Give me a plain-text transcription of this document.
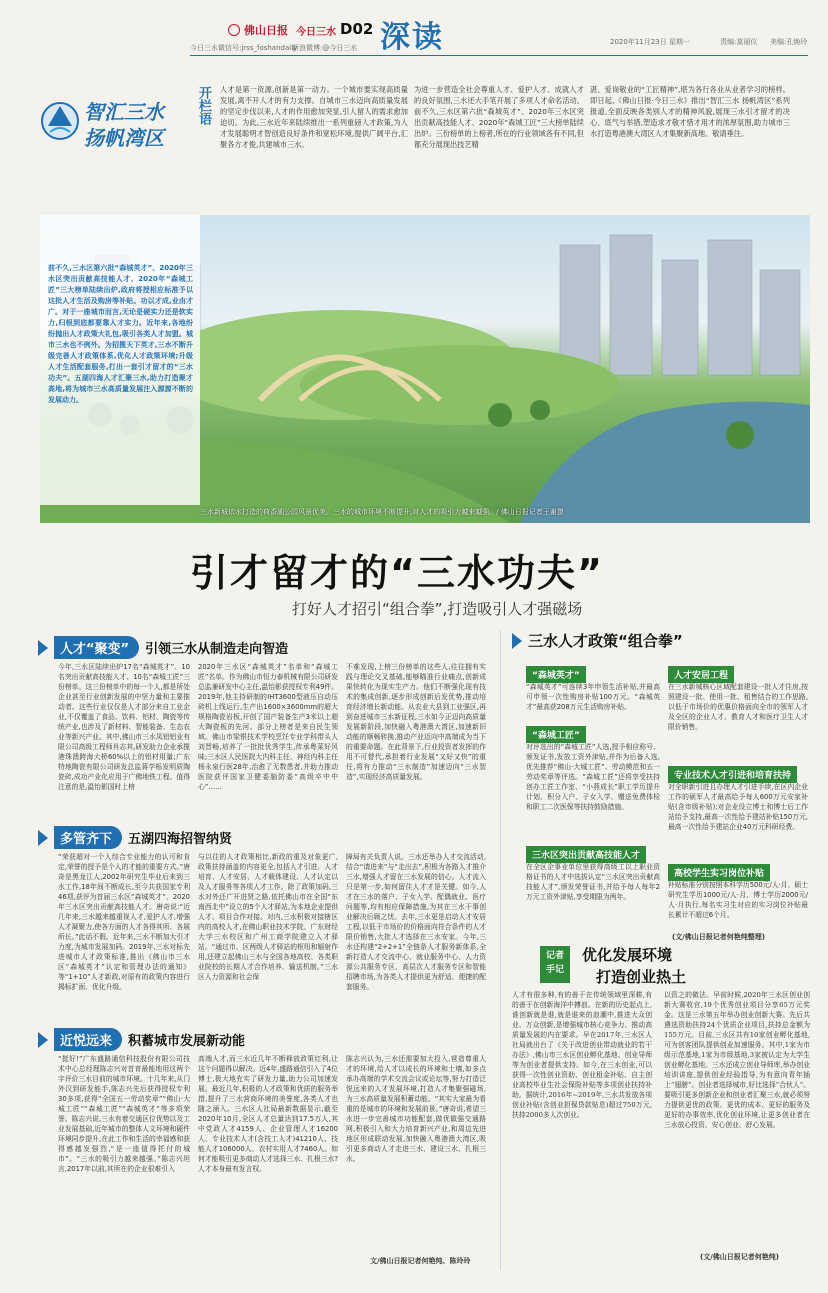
佛山日报 今日三水 D02 深读
今日三水微信号:jrss_foshandaily
新浪微博:@今日三水
2020年11月23日 星期一	责编:莫丽仪 美编:孔焕玲
智汇三水
扬帆湾区
开栏语 人才是第一资源,创新是第一动力。一个城市要实现高质量发展,离不开人才的有力支撑。自城市三水迈向高质量发展的坚定步伐以来,人才的作用愈加突显,引人留人的需求愈加迫切。为此,三水近年来陆续推出一系列重磅人才政策,为人才发展聪明才智创造良好条件和宽松环境,提供广阔平台,汇聚各方才俊,共建城市三水。
为进一步营造全社会尊重人才、爱护人才、成就人才的良好氛围,三水还大手笔开展了多项人才命名活动。前不久,三水区第六批“森城英才”、2020年三水区突出贡献高技能人才、2020年“森城工匠”三大榜单陆续出炉。三份榜单的上榜者,所在的行业领域各有不同,但都充分展现出技艺精
湛、爱岗敬业的“工匠精神”,堪为各行各业从业者学习的榜样。即日起,《佛山日报·今日三水》推出“智汇三水 扬帆湾区”系列报道,全面反映各类别人才的精神风貌,展现三水引才留才的决心、底气与举措,塑造求才敬才惜才用才的浓厚氛围,助力城市三水打造粤港澳大湾区人才集聚新高地。敬请垂注。
前不久,三水区第六批“森城英才”、2020年三水区突出贡献高技能人才、2020年“森城工匠”三大榜单陆续出炉,政府将授相应标准予以这批人才生活及购房等补贴。功以才成,业由才广。对于一座城市而言,无论是硬实力还是软实力,归根到底都要靠人才实力。近年来,各地纷纷抛出人才政策大礼包,吸引各类人才加盟。城市三水也不例外。为招揽天下英才,三水不断升级完善人才政策体系,优化人才政策环境;升级人才生活配套服务,打出一套引才留才的“三水功夫”。五湖四海人才汇聚三水,助力打造聚才高地,将为城市三水高质量发展注入源源不断的发展动力。
三水新城依水打造的荷香湖公园风景优美。三水的城市环境不断提升,对人才的吸引力越来越强。/ 佛山日报记者王谢摄
引才留才的“三水功夫”
打好人才招引“组合拳”,打造吸引人才强磁场
人才“聚变”	引领三水从制造走向智造
今年,三水区陆续出炉17名“森城英才”、10名突出贡献高技能人才、10名“森城工匠”三份榜单。这三份榜单中的每一个人,都是所处企业甚至行业创新发展的中坚力量和主要推动者。这些行业仅仅是人才部分来自工业企业,不仅覆盖了食品、饮料、铝材、陶瓷等传统产业,也涉及了新材料、智能装备、生态农业等新兴产业。其中,佛山市三水凤铝铝业有限公司高级工程师肖志其,研发助力企业承揽港珠澳跨海大桥60%以上的铝材用量;广东特地陶瓷有限公司研发总监蒋学栎发明质陶瓷砖,成功产业化应用于广佛地铁工程。值得注意的是,温怡影国时上榜
2020年三水区“森城英才”名单和“森城工匠”名单。作为佛山市恒力泰机械有限公司研发总监兼研发中心主任,温怡影获授权专利49件。2019年,他主持研制的IHT3600型液压自动压砖机上线运行,生产出1600×3600mm的超大规格陶瓷岩板,开创了国产装备生产3米以上超大陶瓷板的先河。部分上榜者是来自民生领域。佛山市梁银技术学校烹饪专业学科带头人刘晋畅,培养了一批批优秀学生,传承粤菜好风味;三水区人民医院大内科主任、神经内科主任杨永泉行医28年,治愈了无数患者,并助力推动医院获评国家卫健委脑防委“高级卒中中心”……
不难发现,上榜三份榜单的这些人,往往拥有实践与理论交叉基础,能够瞄准行业痛点,创新成果快转化为现实生产力。他们不断强化现有技术的集成创新,逐步形成创新后发优势,推动培育经济增长新动能。从农业大县到工业强区,再到奋进城市三水新征程,三水如今正迈向高质量发展新阶段,加快融入粤港澳大湾区,加速新旧动能的顺畅转换,推动产业迈向中高端成为当下的重要命题。在此背景下,行业投资者发挥的作用不可替代,承担着行业发展“又好又快”的重任,将有力推动“三水制造”加速迈向“三水智造”,实现经济高质量发展。
多管齐下	五湖四海招智纳贤
“荣获超对一个人综合专业能力的认可和肯定,荣誉的授予是个人的才能的重要方式。”唐奇是黑龙江人,2002年研究生毕业后来到三水工作,18年间不断成长,至今共获国家专利46项,获评为首届三水区“森城英才”、2020年三水区突出贡献高技能人才。唐奇说:“近几年来,三水越来越重视人才,爱护人才,增强人才凝聚力,使各方面的人才各得其所、各展所长。”此话不假。近年来,三水不断加大引才力度,为城市发展加码。2019年,三水对标先进城市人才政策标准,推出《佛山市三水区“森城英才”认定和管理办法的通知》等“1+10”人才新政,对原有的政策内容进行揭标扩面、优化升级。
与以往的人才政策相比,新政的重及对象更广,政策扶持涵盖的内容更全,包括人才引进、人才培育、人才安居、人才载体建设、人才认定以及人才服务等各项人才工作。除了政策加码,三水对外还广开进贤之路,依托佛山市在全国“东南西北中”设立的5个人才驿站,为本地企业提供人才、项目合作对接。对内,三水积极对接辖区内的高校人才,在佛山职业技术学院、广东财经大学三水校区和广州工商学院建立人才驿站。“通过市、区两级人才驿站的枢纽和辐射作用,还建立起佛山三水与全国各地高校、各类职业院校的长期人才合作培养、输送机制。”三水区人力资源和社会保
障局有关负责人说。三水还举办人才交流活动,结合“请进来”与“走出去”,积极为各路人才推介三水,增强人才留在三水发展的信心。人才流入只是第一步,如何留住人才才是关键。如今,人才在三水的落户、子女入学、配偶就业、医疗问题等,均有相应保障措施,为其在三水干事创业解决后顾之忧。去年,三水更是启动人才安居工程,以低于市场价的价格面向符合条件的人才限价销售,大批人才选择在三水安家。今年,三水还构建“2+2+1”全链条人才服务新体系,全新打造人才交流中心、就业服务中心、人力资源公共服务专区、高层次人才服务专区和智能招聘市场,为各类人才提供更为舒适、便捷的配套服务。
近悦远来	积蓄城市发展新动能
“挺好!”广东盛路通信科技股份有限公司技术中心总经理陈志兴对首育最能地用这两个字评价三水目前的城市环境。十几年来,从门外汉到研发能手,陈志兴先后获得授权专利30多项,获得“全国五一劳动奖章”“佛山·大城工匠”“森城工匠”“森城英才”等多项荣誉。陈志兴说,三水有着交通区位优势以及工业发展基础,近年城市的整体人文环境和硬件环境同步提升,在此工作和生活的幸福感和获得感越发强烈,“是一座值得托付的城市”。“三水的吸引力越来越强。”陈志兴坦言,2017年以前,其所在的企业很难引入
高端人才,而三水近几年不断释放政策红利,让这个问题得以解决。近4年,盛路通信引入了4位博士,极大地充实了研发力量,助力公司加速发展。最近几年,积极的人才政策和优质的服务举措,提升了三水营商环境的美誉度,各类人才也随之涌入。三水区人社局最新数据显示,截至2020年10月,全区人才总量达到17.5万人,其中党政人才4159人、企业管理人才16200人、专业技术人才(含技工人才)41210人、技能人才106000人、农村实用人才7460人。如何才能吸引更多商动人才选择三水、扎根三水?人才本身最有发言权。
陈志兴认为,三水还需要加大投入,营造尊重人才的环境,给人才以成长的环境和土壤,如多点承办高端的学术交流会议或论坛等,努力打造泛悦远来的人才发展环境,打造人才集聚强磁场,为三水高质量发展积蓄动能。“其实大家最为看重的是城市的环境和发展前景。”唐奇说,希望三水进一步完善城市功能配套,做优做强交通路网,积极引入和大力培育新兴产业,和周边先进地区形成联动发展,加快融入粤港澳大湾区,吸引更多商动人才走进三水、建设三水、扎根三水。
文/佛山日报记者何艳纯、陈玲玲
三水人才政策“组合拳”
“森城英才”
“森城英才”可连续3年申领生活补贴,并最高可申领一次性购房补贴100万元。“森城英才”最高获208万元生活购房补贴。
“森城工匠”
对评选出的“森城工匠”人选,授予相应称号、颁发证书,发放工资外津贴,并作为后备人选,优先推荐“佛山·大城工匠”、劳动模范和五一劳动奖章等评选。“森城工匠”还将享受扶持创办工匠工作室、“小燕成长”职工学历提升计划、积分入户、子女入学、赠送免费体检和职工二次医保等扶持鼓励措施。
三水区突出贡献高技能人才
在全区企事业单位里获得高级工以上职业资格证书的人才中选拔认定“三水区突出贡献高技能人才”,颁发荣誉证书,并给予每人每年2万元工资外津贴,享受期限为两年。
人才安居工程
在三水新城核心区域配套建设一批人才住房,按照建设一批、使用一批、租售结合的工作思路,以低于市场价的优惠价格面向全市的领军人才及全区的企业人才、教育人才和医疗卫生人才限价销售。
专业技术人才引进和培育扶持
对全职新引进且办理人才引进手续,在区内企业工作的硕军人才最高给予每人600万元安家补贴(含市级补贴);对企业设立博士和博士后工作站给予支持,最高一次性给予建站补贴150万元,最高一次性给予建站企业40万元科研经费。
高校学生实习岗位补贴
补贴标准分别按照本科学历500元/人·月、硕士研究生学历1000元/人·月、博士学历2000元/人·月执行,每名实习生对应的实习岗位补贴最长累计不超过6个月。
(文/佛山日报记者何艳纯整理)
记者
手记
优化发展环境
打造创业热土
人才有很多种,有的善于在传统领域里深耕,有的善于在创新海洋中搏浪。在新的历史起点上,谁创新就是谁,就是谁来的浪潮中,推进大众创业、万众创新,是增强城市核心竞争力、推动高质量发展的内在要求。早在2017年,三水区人社局就出台了《关于改进创业带动就业的若干办法》,佛山市三水区创业孵化基地、创业导师等为创业者提供支持。如今,在三水创业,可以获得一次性创业资助、创业租金补贴、自主创业高校毕业生社会保险补贴等多项创业扶持补助。据统计,2016年~2019年,三水共发放各项创业补贴(含创业担保贷款贴息)超过750万元,扶持2000多人次创业。
以资之的做法。早前时候,2020年三水区创业创新大赛收官,19个优秀创业项目分享65万元奖金。这是三水第五年举办创业创新大赛。先后共遴选资助扶持24个优质企业项目,扶持总金额为155万元。目前,三水区共有10家创业孵化基地,可为创客团队提供创业加速服务。其中,1家为市级示范基地,1家为市级基地,3家被认定为大学生创业孵化基地。三水还成立创业导师库,举办创业培训讲座,提供创业经验指导,为有意向青年插上“翅膀”。创业者选择城市,好比选择“合伙人”。要吸引更多创新企业和创业者汇聚三水,就必须努力提供更优的政策、更优的成本、更好的服务及更好的办事效率,优化创业环境,让更多创业者在三水放心投资、安心创业、舒心发展。
(文/佛山日报记者何艳纯)
